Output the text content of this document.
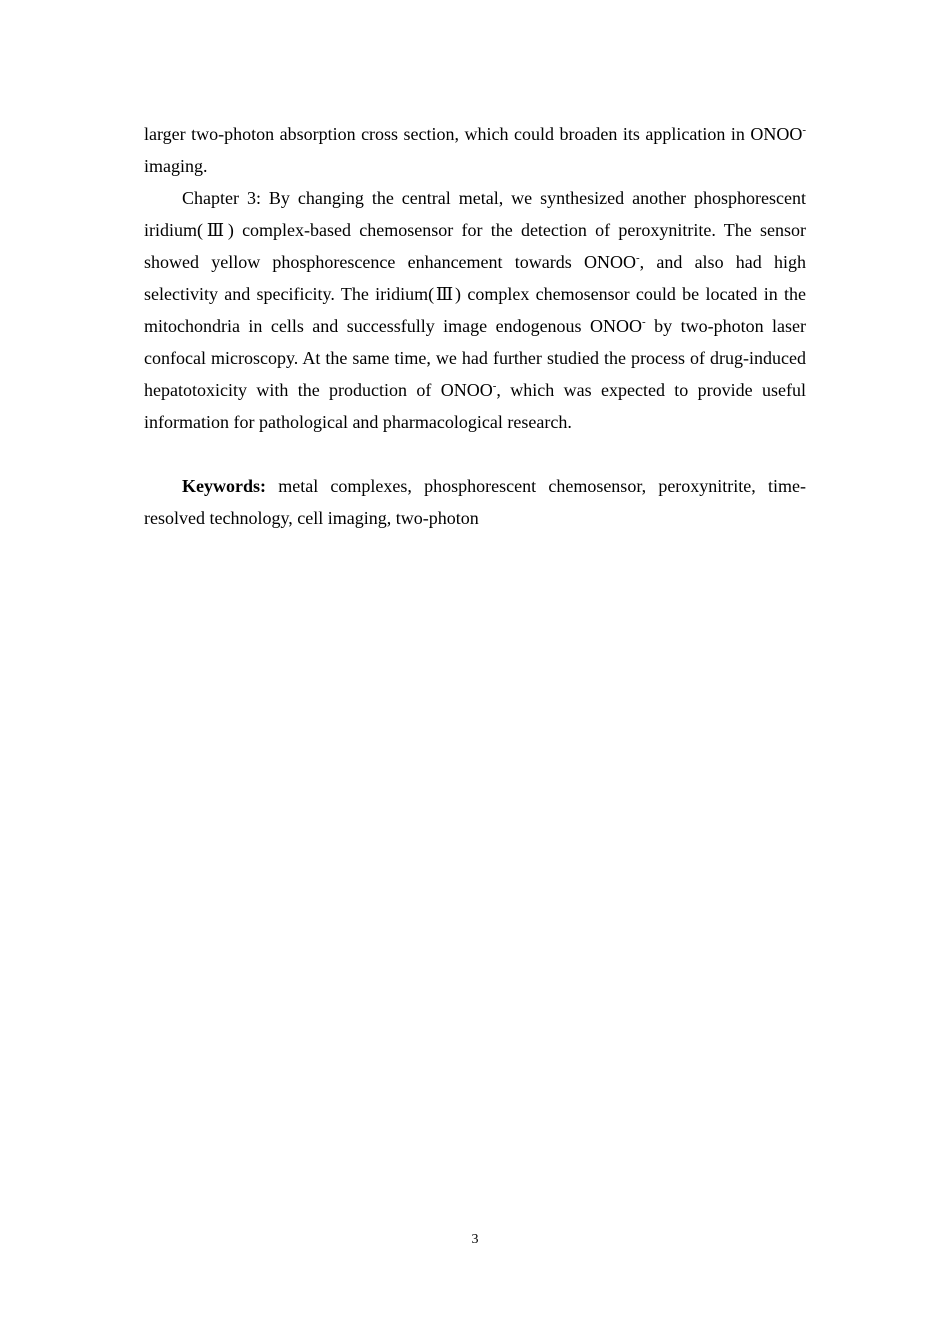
larger two-photon absorption cross section, which could broaden its application in ONOO- imaging.

Chapter 3: By changing the central metal, we synthesized another phosphorescent iridium(Ⅲ) complex-based chemosensor for the detection of peroxynitrite. The sensor showed yellow phosphorescence enhancement towards ONOO-, and also had high selectivity and specificity. The iridium(Ⅲ) complex chemosensor could be located in the mitochondria in cells and successfully image endogenous ONOO- by two-photon laser confocal microscopy. At the same time, we had further studied the process of drug-induced hepatotoxicity with the production of ONOO-, which was expected to provide useful information for pathological and pharmacological research.

Keywords: metal complexes, phosphorescent chemosensor, peroxynitrite, time-resolved technology, cell imaging, two-photon

3
